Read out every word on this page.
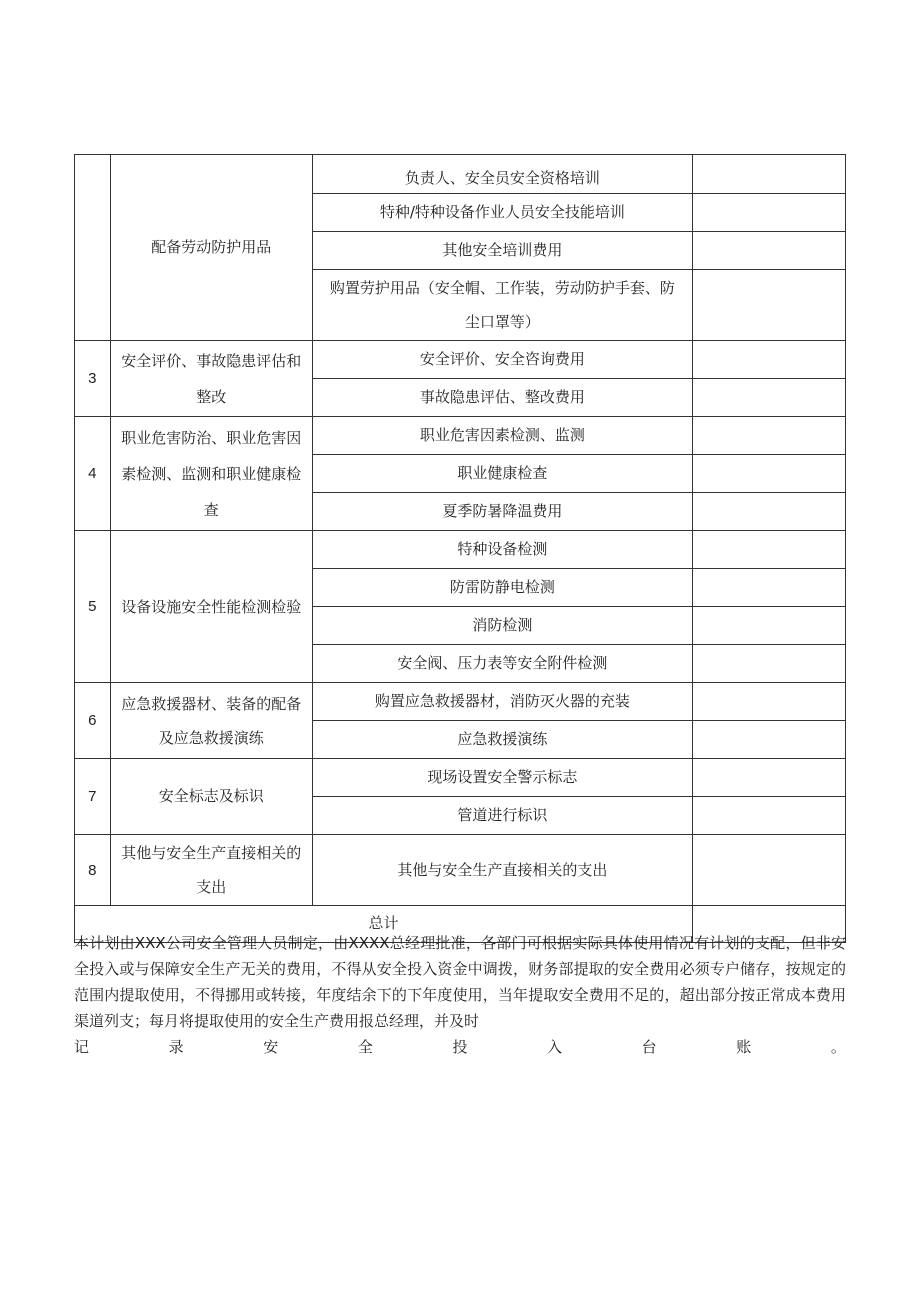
	配备劳动防护用品	负责人、安全员安全资格培训	
		特种/特种设备作业人员安全技能培训	
		其他安全培训费用	
		购置劳护用品（安全帽、工作装，劳动防护手套、防尘口罩等）	
3	安全评价、事故隐患评估和整改	安全评价、安全咨询费用	
		事故隐患评估、整改费用	
4	职业危害防治、职业危害因素检测、监测和职业健康检查	职业危害因素检测、监测	
		职业健康检查	
		夏季防暑降温费用	
5	设备设施安全性能检测检验	特种设备检测	
		防雷防静电检测	
		消防检测	
		安全阀、压力表等安全附件检测	
6	应急救援器材、装备的配备及应急救援演练	购置应急救援器材，消防灭火器的充装	
		应急救援演练	
7	安全标志及标识	现场设置安全警示标志	
		管道进行标识	
8	其他与安全生产直接相关的支出	其他与安全生产直接相关的支出	
总计			
本计划由XXX公司安全管理人员制定，由XXXX总经理批准，各部门可根据实际具体使用情况有计划的支配，但非安全投入或与保障安全生产无关的费用，不得从安全投入资金中调拨，财务部提取的安全费用必须专户储存，按规定的范围内提取使用，不得挪用或转接，年度结余下的下年度使用，当年提取安全费用不足的，超出部分按正常成本费用渠道列支；每月将提取使用的安全生产费用报总经理，并及时
记	录	安	全	投	入	台	账	。
